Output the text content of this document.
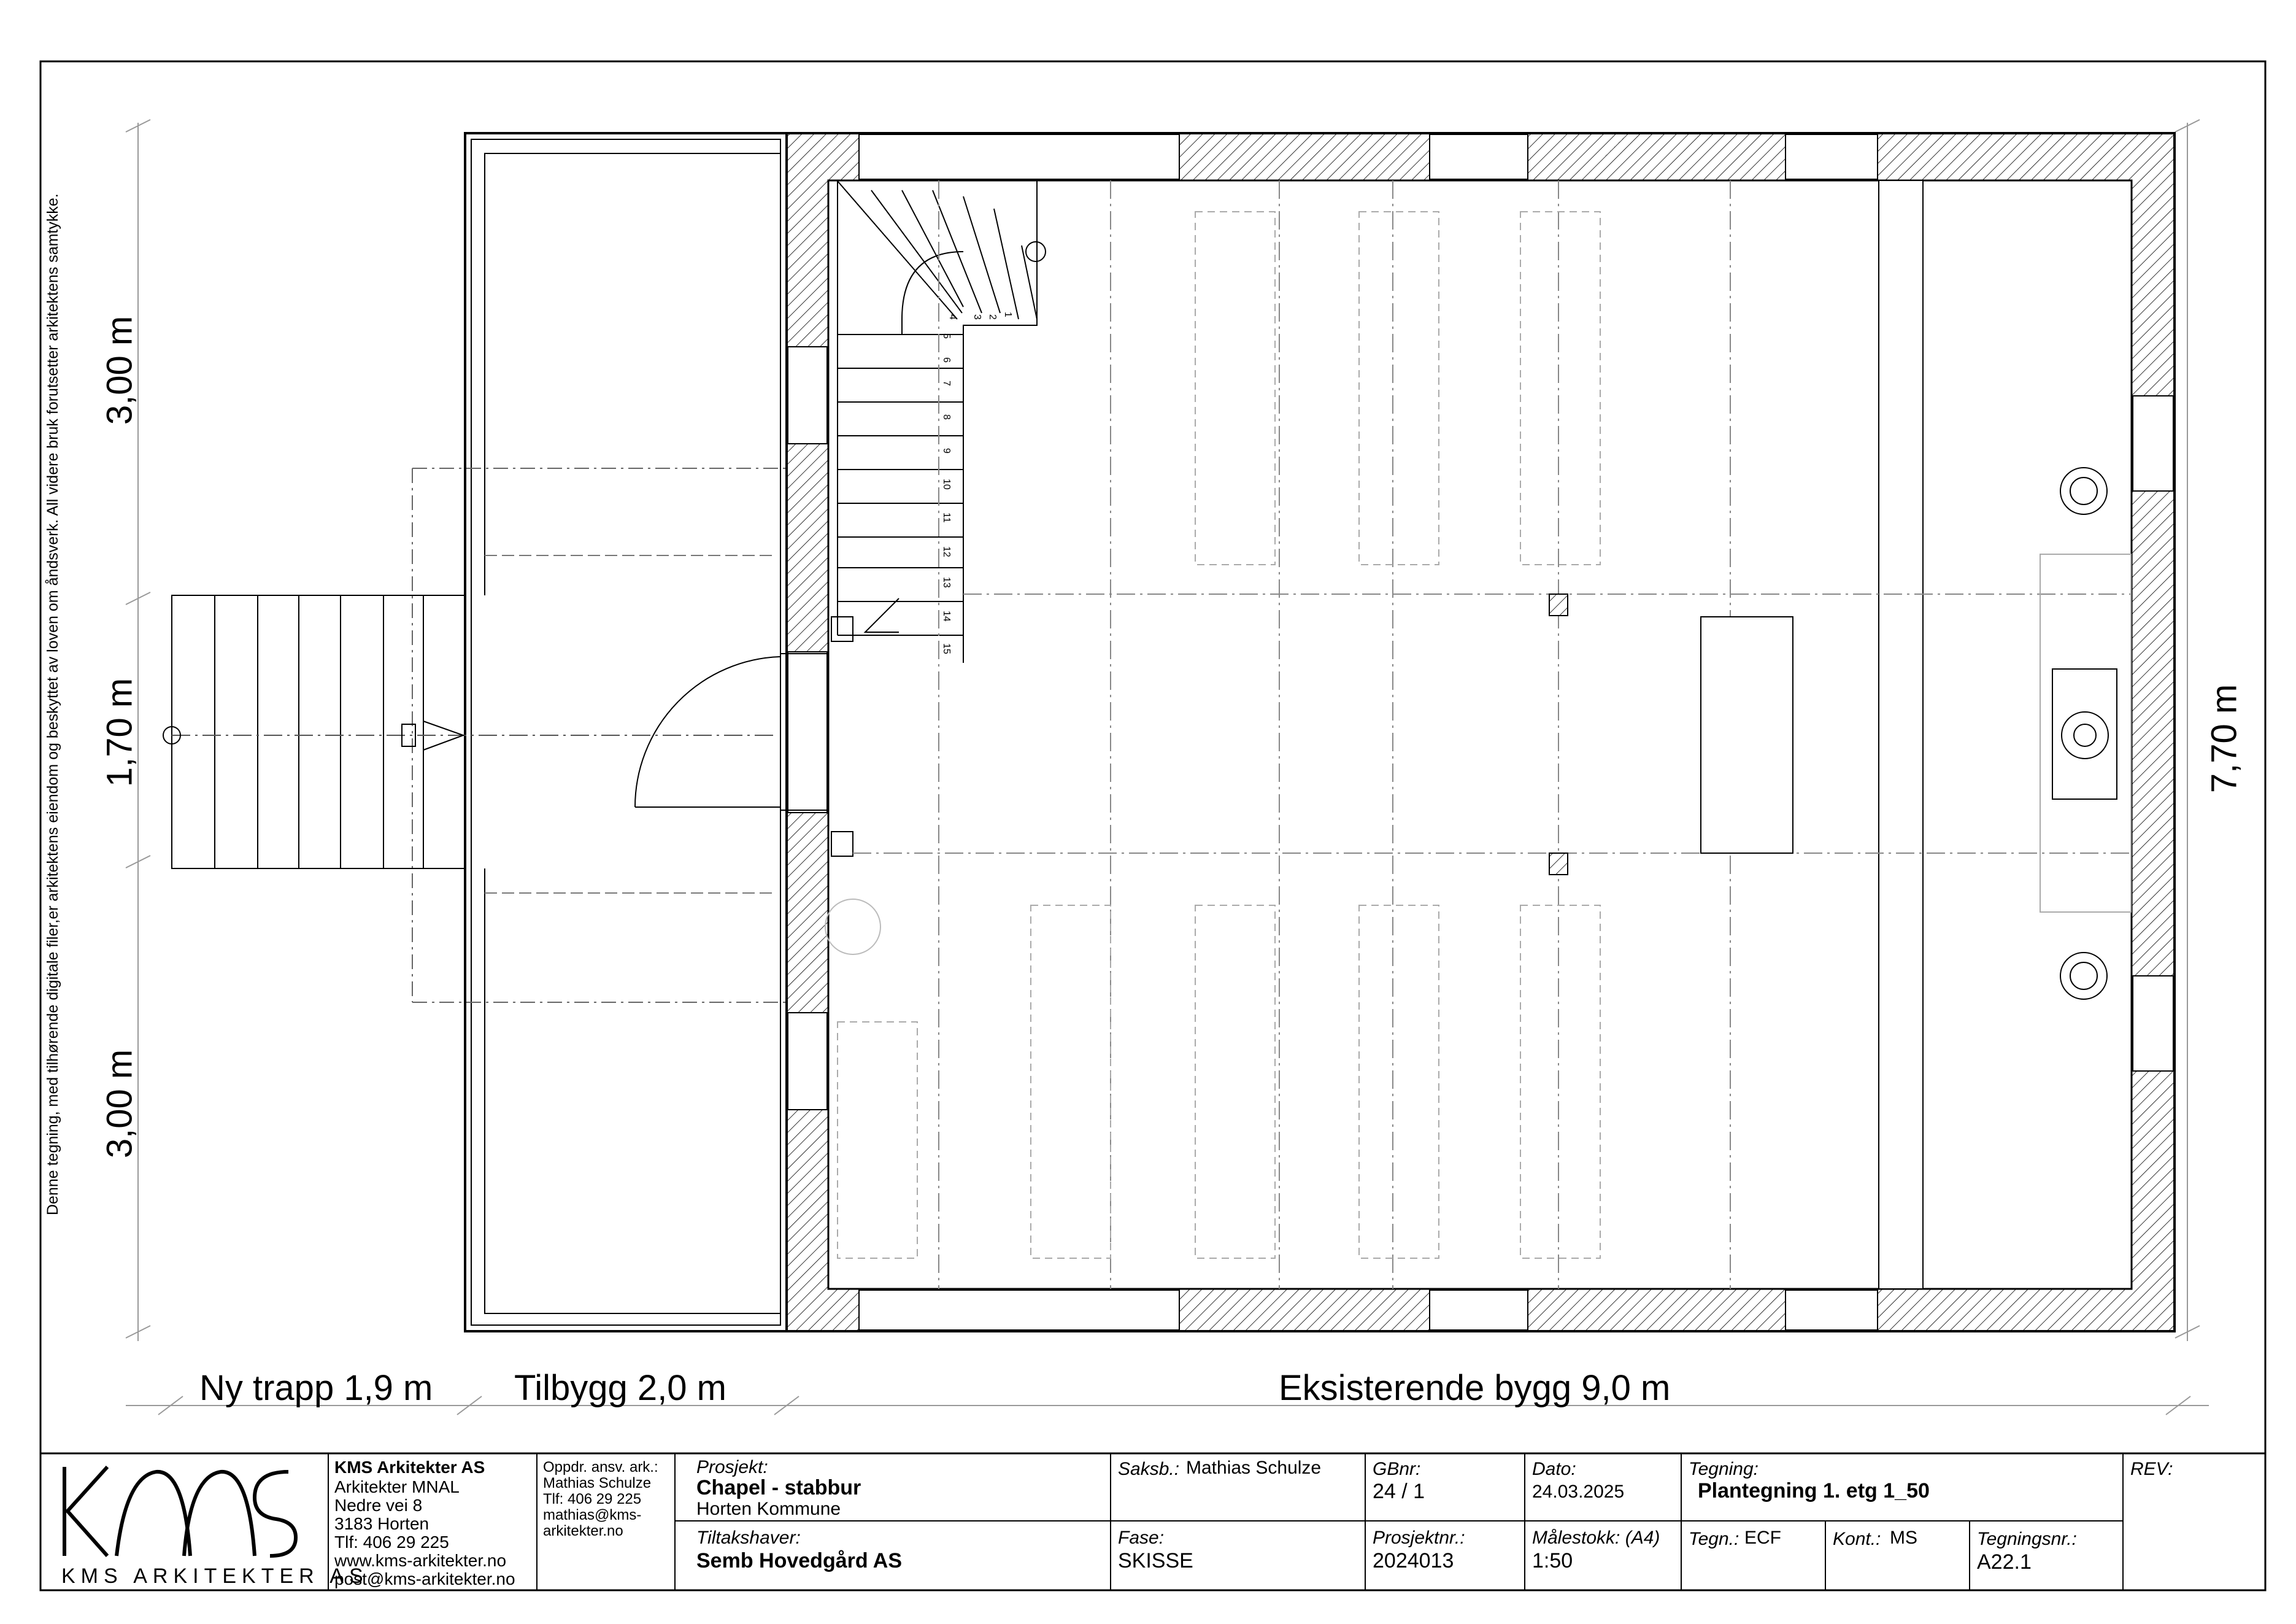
1
2
3
4
5
6
7
8
9
10
11
12
13
14
15
Denne tegning, med tilhørende digitale filer,er arkitektens eiendom og beskyttet av loven om åndsverk. All videre bruk forutsetter arkitektens samtykke. 3,00 m
1,70 m
3,00 m
7,70 m
Ny trapp 1,9 m Tilbygg 2,0 m	Eksisterende bygg 9,0 m
KMS ARKITEKTER AS
KMS Arkitekter AS
Arkitekter MNAL
Nedre vei 8
3183 Horten
Tlf: 406 29 225
www.kms-arkitekter.no
post@kms-arkitekter.no
Oppdr. ansv. ark.:
Mathias Schulze
Tlf: 406 29 225
mathias@kms-
arkitekter.no
Prosjekt:
Chapel - stabbur
Horten Kommune
Tiltakshaver:
Semb Hovedgård AS
Saksb.: Mathias Schulze
Fase:
SKISSE
GBnr:
24 / 1
Prosjektnr.:
2024013
Dato:
24.03.2025
Målestokk: (A4)
1:50
Tegning:
Plantegning 1. etg 1_50
Tegn.: ECF	Kont.: MS	Tegningsnr.:
A22.1
REV:
